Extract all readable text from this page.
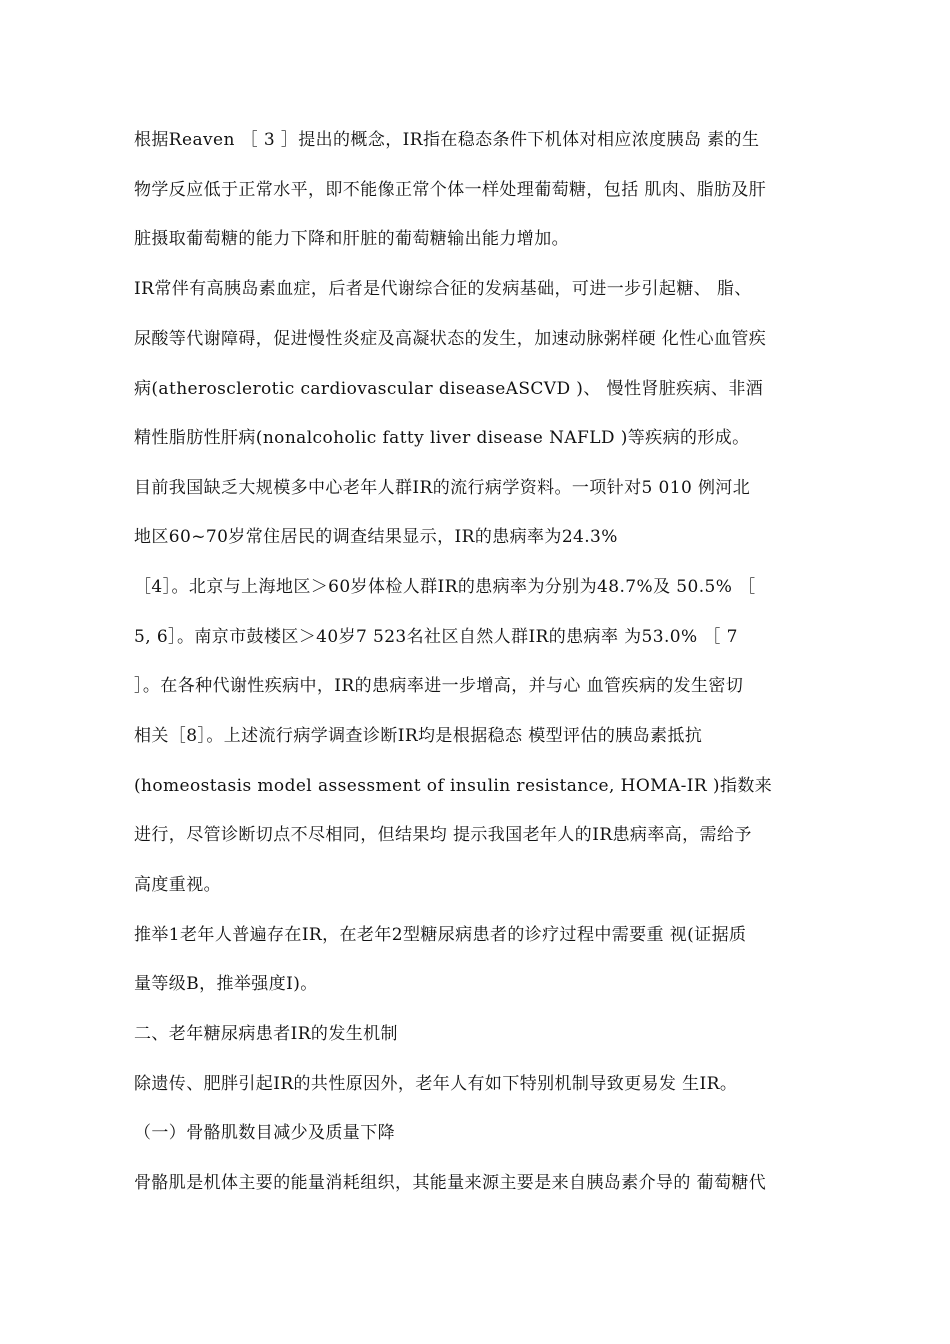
根据Reaven ［ 3 ］提出的概念，IR指在稳态条件下机体对相应浓度胰岛 素的生
物学反应低于正常水平，即不能像正常个体一样处理葡萄糖，包括 肌肉、脂肪及肝
脏摄取葡萄糖的能力下降和肝脏的葡萄糖输出能力增加。
IR常伴有高胰岛素血症，后者是代谢综合征的发病基础，可进一步引起糖、 脂、
尿酸等代谢障碍，促进慢性炎症及高凝状态的发生，加速动脉粥样硬 化性心血管疾
病(atherosclerotic cardiovascular diseaseASCVD )、 慢性肾脏疾病、非酒
精性脂肪性肝病(nonalcoholic fatty liver disease NAFLD )等疾病的形成。
目前我国缺乏大规模多中心老年人群IR的流行病学资料。一项针对5 010 例河北
地区60~70岁常住居民的调查结果显示，IR的患病率为24.3%
［4］。北京与上海地区＞60岁体检人群IR的患病率为分别为48.7%及 50.5% ［
5, 6］。南京市鼓楼区＞40岁7 523名社区自然人群IR的患病率 为53.0% ［ 7
］。在各种代谢性疾病中，IR的患病率进一步增高，并与心 血管疾病的发生密切
相关［8］。上述流行病学调查诊断IR均是根据稳态 模型评估的胰岛素抵抗
(homeostasis model assessment of insulin resistance, HOMA-IR )指数来
进行，尽管诊断切点不尽相同，但结果均 提示我国老年人的IR患病率高，需给予
高度重视。
推举1老年人普遍存在IR，在老年2型糖尿病患者的诊疗过程中需要重 视(证据质
量等级B，推举强度I)。
二、老年糖尿病患者IR的发生机制
除遗传、肥胖引起IR的共性原因外，老年人有如下特别机制导致更易发 生IR。
（一）骨骼肌数目减少及质量下降
骨骼肌是机体主要的能量消耗组织，其能量来源主要是来自胰岛素介导的 葡萄糖代
